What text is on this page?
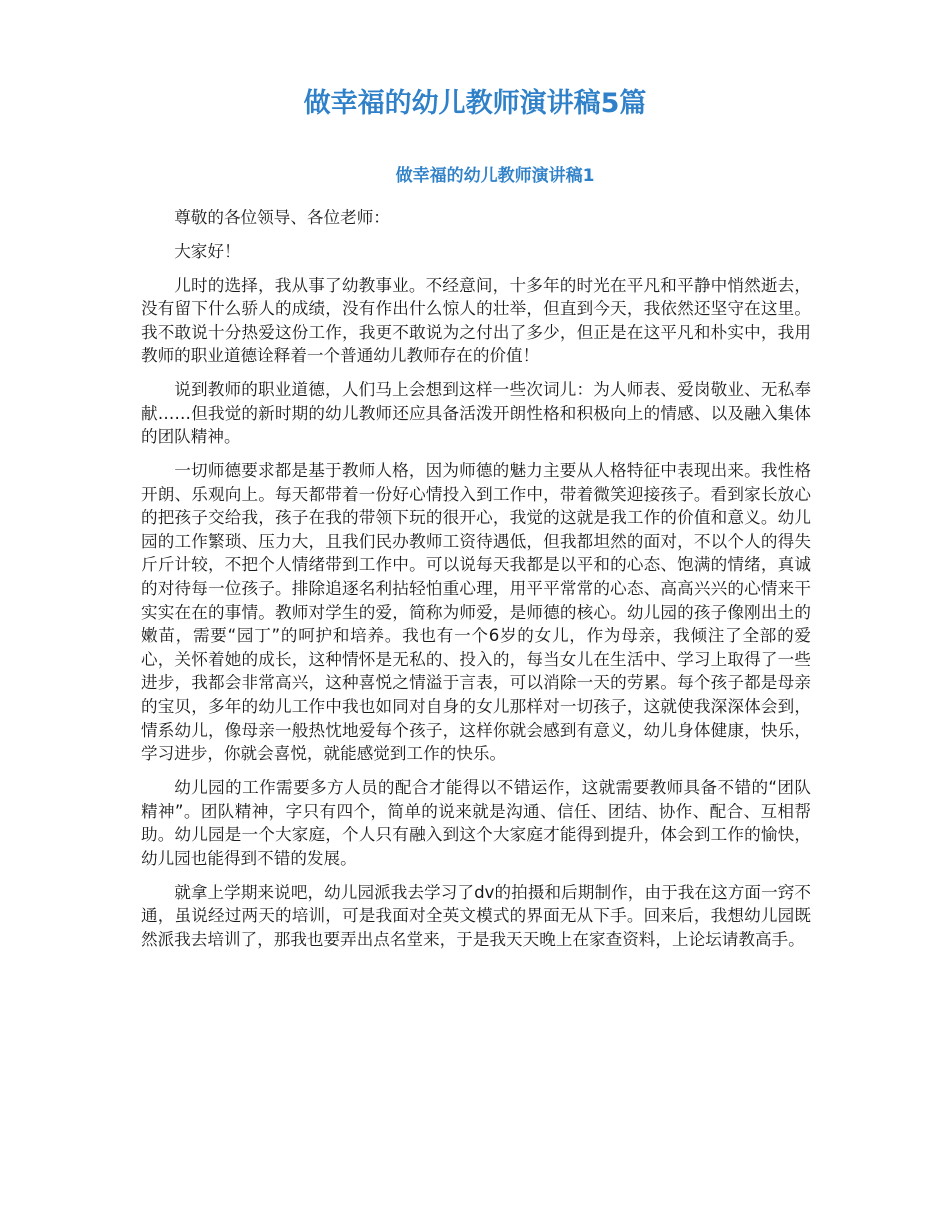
做幸福的幼儿教师演讲稿5篇
做幸福的幼儿教师演讲稿1

尊敬的各位领导、各位老师：

大家好！

儿时的选择，我从事了幼教事业。不经意间，十多年的时光在平凡和平静中悄然逝去，没有留下什么骄人的成绩，没有作出什么惊人的壮举，但直到今天，我依然还坚守在这里。我不敢说十分热爱这份工作，我更不敢说为之付出了多少，但正是在这平凡和朴实中，我用教师的职业道德诠释着一个普通幼儿教师存在的价值！

说到教师的职业道德，人们马上会想到这样一些次词儿：为人师表、爱岗敬业、无私奉献……但我觉的新时期的幼儿教师还应具备活泼开朗性格和积极向上的情感、以及融入集体的团队精神。

一切师德要求都是基于教师人格，因为师德的魅力主要从人格特征中表现出来。我性格开朗、乐观向上。每天都带着一份好心情投入到工作中，带着微笑迎接孩子。看到家长放心的把孩子交给我，孩子在我的带领下玩的很开心，我觉的这就是我工作的价值和意义。幼儿园的工作繁琐、压力大，且我们民办教师工资待遇低，但我都坦然的面对，不以个人的得失斤斤计较，不把个人情绪带到工作中。可以说每天我都是以平和的心态、饱满的情绪，真诚的对待每一位孩子。排除追逐名利拈轻怕重心理，用平平常常的心态、高高兴兴的心情来干实实在在的事情。教师对学生的爱，简称为师爱，是师德的核心。幼儿园的孩子像刚出土的嫩苗，需要“园丁”的呵护和培养。我也有一个6岁的女儿，作为母亲，我倾注了全部的爱心，关怀着她的成长，这种情怀是无私的、投入的，每当女儿在生活中、学习上取得了一些进步，我都会非常高兴，这种喜悦之情溢于言表，可以消除一天的劳累。每个孩子都是母亲的宝贝，多年的幼儿工作中我也如同对自身的女儿那样对一切孩子，这就使我深深体会到，情系幼儿，像母亲一般热忱地爱每个孩子，这样你就会感到有意义，幼儿身体健康，快乐，学习进步，你就会喜悦，就能感觉到工作的快乐。

幼儿园的工作需要多方人员的配合才能得以不错运作，这就需要教师具备不错的“团队精神”。团队精神，字只有四个，简单的说来就是沟通、信任、团结、协作、配合、互相帮助。幼儿园是一个大家庭，个人只有融入到这个大家庭才能得到提升，体会到工作的愉快，幼儿园也能得到不错的发展。

就拿上学期来说吧，幼儿园派我去学习了dv的拍摄和后期制作，由于我在这方面一窍不通，虽说经过两天的培训，可是我面对全英文模式的界面无从下手。回来后，我想幼儿园既然派我去培训了，那我也要弄出点名堂来，于是我天天晚上在家查资料，上论坛请教高手。
